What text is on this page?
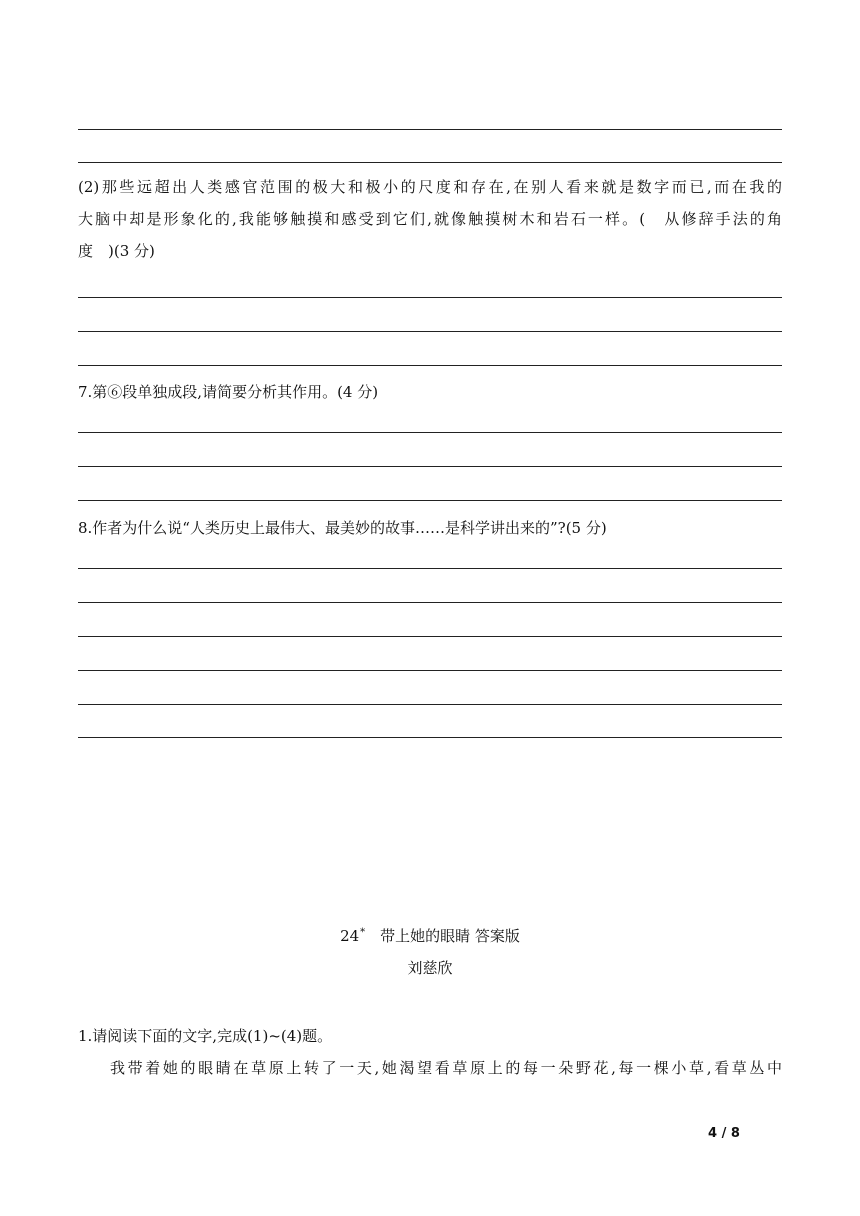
(2)那些远超出人类感官范围的极大和极小的尺度和存在,在别人看来就是数字而已,而在我的
大脑中却是形象化的,我能够触摸和感受到它们,就像触摸树木和岩石一样。(　从修辞手法的角
度　)(3 分)
7.第⑥段单独成段,请简要分析其作用。(4 分)
8.作者为什么说“人类历史上最伟大、最美妙的故事……是科学讲出来的”?(5 分)
24*　带上她的眼睛 答案版
刘慈欣
1.请阅读下面的文字,完成(1)~(4)题。
我带着她的眼睛在草原上转了一天,她渴望看草原上的每一朵野花,每一棵小草,看草丛中
4 / 8
